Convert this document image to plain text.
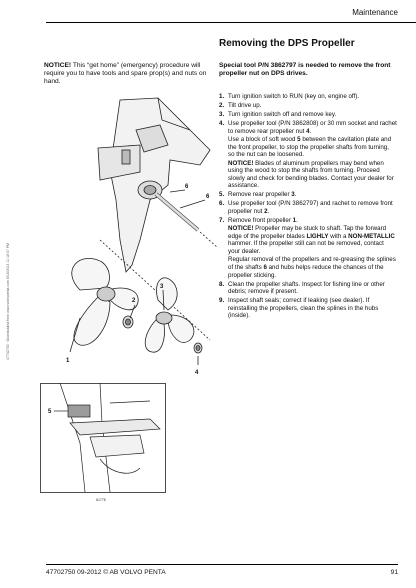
Maintenance
47702750 · Downloaded from www.volvopenta.com 8/18/2014 11:18:07 PM
NOTICE! This “get home” (emergency) procedure will require you to have tools and spare prop(s) and nuts on hand.
Removing the DPS Propeller
Special tool P/N 3862797 is needed to remove the front propeller nut on DPS drives.
1. Turn ignition switch to RUN (key on, engine off).
2. Tilt drive up.
3. Turn ignition switch off and remove key.
4. Use propeller tool (P/N 3862808) or 30 mm socket and rachet to remove rear propeller nut 4.

Use a block of soft wood 5 between the cavitation plate and the front propeller, to stop the propeller shafts from turning, so the nut can be loosened.

NOTICE! Blades of aluminum propellers may bend when using the wood to stop the shafts from turning. Proceed slowly and check for bending blades. Contact your dealer for assistance.

5. Remove rear propeller 3.
6. Use propeller tool (P/N 3862797) and rachet to remove front propeller nut 2.
7. Remove front propeller 1.

NOTICE! Propeller may be stuck to shaft. Tap the forward edge of the propeller blades LIGHLY with a NON-METALLIC hammer. If the propeller still can not be removed, contact your dealer.

Regular removal of the propellers and re-greasing the splines of the shafts 6 and hubs helps reduce the chances of the propeller sticking.

8. Clean the propeller shafts. Inspect for fishing line or other debris; remove if present.
9. Inspect shaft seals; correct if leaking (see dealer). If reinstalling the propellers, clean the splines in the hubs (inside).
6
6
1
2
3
4
5
61778
47702750 09-2012 © AB VOLVO PENTA	91
